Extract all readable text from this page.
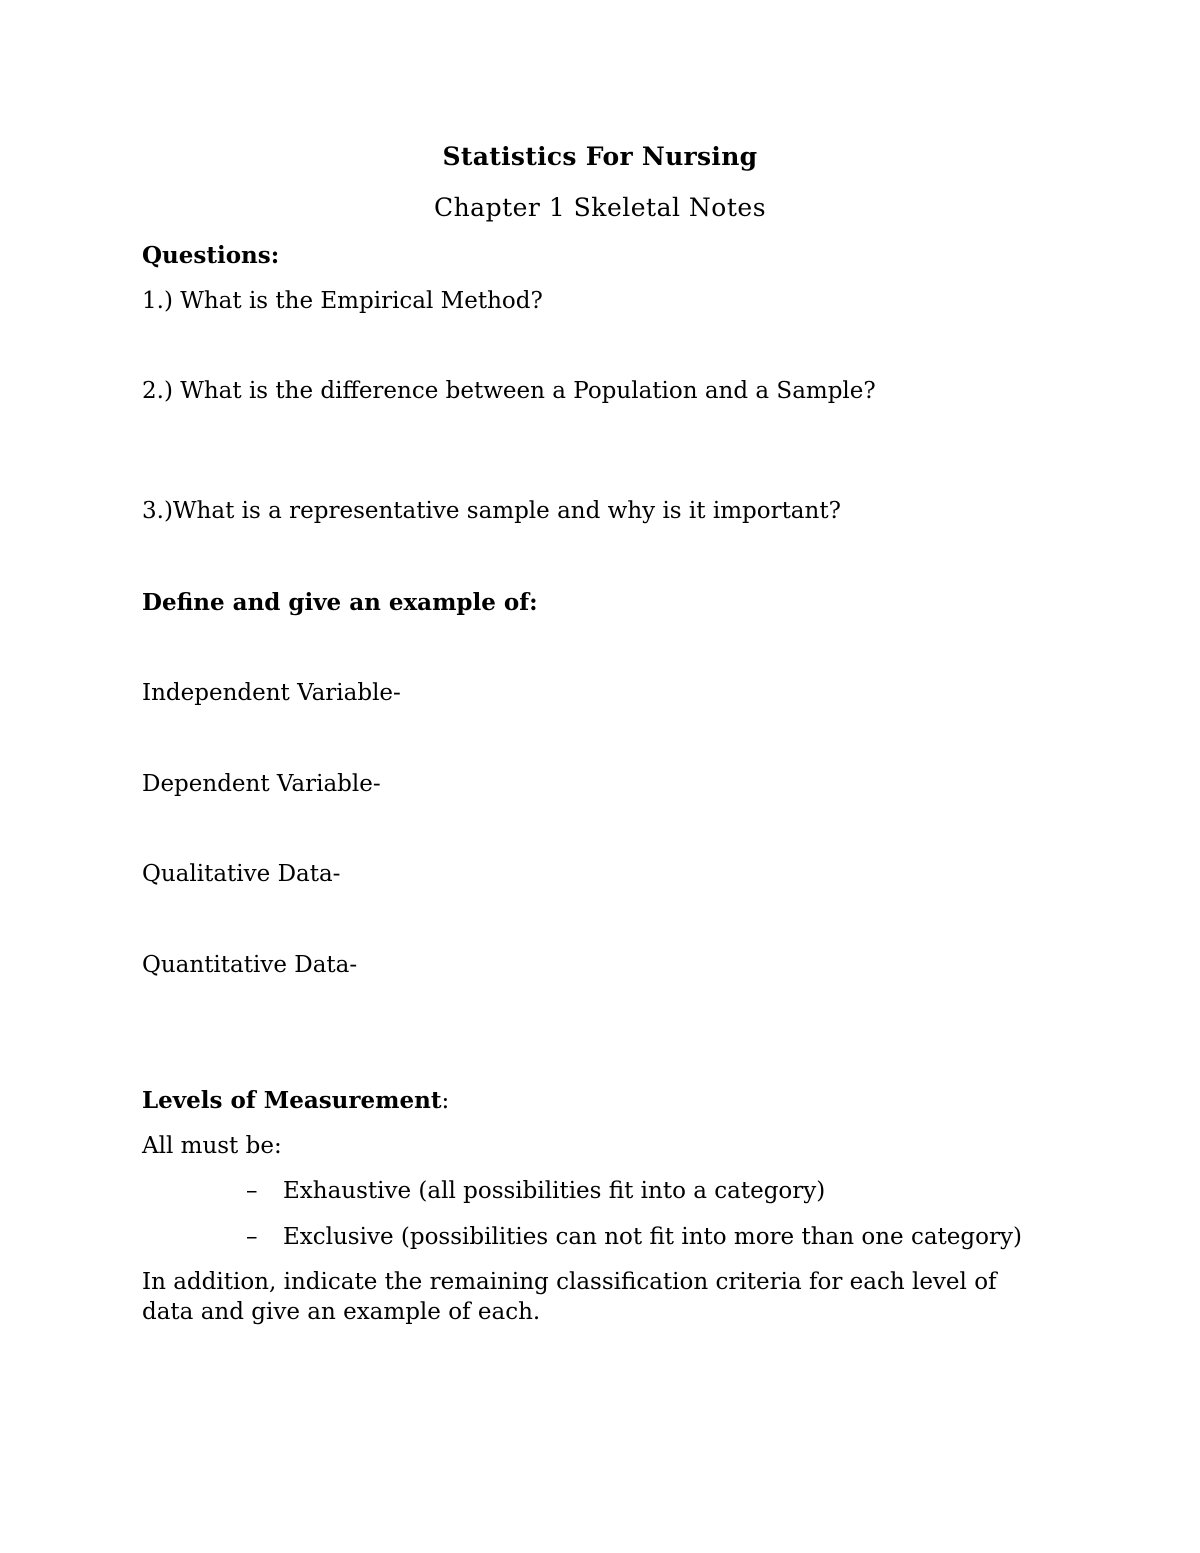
Statistics For Nursing
Chapter 1 Skeletal Notes
Questions:
1.) What is the Empirical Method?
2.) What is the difference between a Population and a Sample?
3.)What is a representative sample and why is it important?
Define and give an example of:
Independent Variable-
Dependent Variable-
Qualitative Data-
Quantitative Data-
Levels of Measurement:
All must be:
– Exhaustive (all possibilities fit into a category)
– Exclusive (possibilities can not fit into more than one category)
In addition, indicate the remaining classification criteria for each level of
data and give an example of each.
